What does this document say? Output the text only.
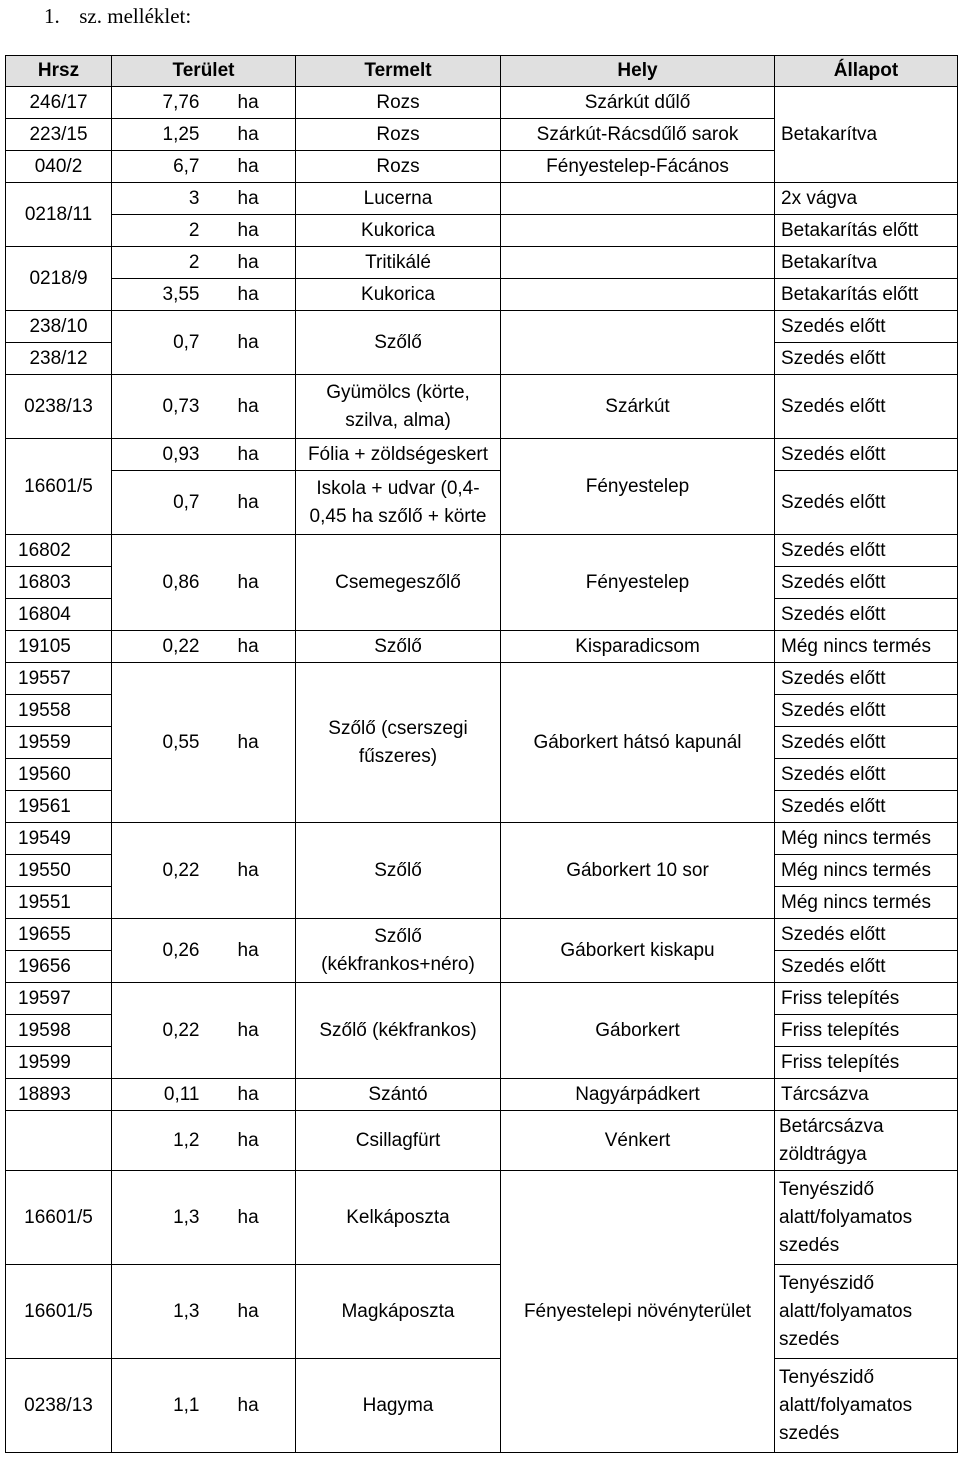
1. sz. melléklet:
Hrsz	Terület		Termelt	Hely	Állapot
246/17	7,76	ha	Rozs	Szárkút dűlő	Betakarítva
223/15	1,25	ha	Rozs	Szárkút-Rácsdűlő sarok	
040/2	6,7	ha	Rozs	Fényestelep-Fácános	
0218/11	3	ha	Lucerna		2x vágva
	2	ha	Kukorica		Betakarítás előtt
0218/9	2	ha	Tritikálé		Betakarítva
	3,55	ha	Kukorica		Betakarítás előtt
238/10	0,7	ha	Szőlő		Szedés előtt
238/12					Szedés előtt
0238/13	0,73	ha	Gyümölcs (körte, szilva, alma)	Szárkút	Szedés előtt
16601/5	0,93	ha	Fólia + zöldségeskert	Fényestelep	Szedés előtt
	0,7	ha	Iskola + udvar (0,4-0,45 ha szőlő + körte		Szedés előtt
16802	0,86	ha	Csemegeszőlő	Fényestelep	Szedés előtt
16803					Szedés előtt
16804					Szedés előtt
19105	0,22	ha	Szőlő	Kisparadicsom	Még nincs termés
19557	0,55	ha	Szőlő (cserszegi fűszeres)	Gáborkert hátsó kapunál	Szedés előtt
19558					Szedés előtt
19559					Szedés előtt
19560					Szedés előtt
19561					Szedés előtt
19549	0,22	ha	Szőlő	Gáborkert 10 sor	Még nincs termés
19550					Még nincs termés
19551					Még nincs termés
19655	0,26	ha	Szőlő (kékfrankos+néro)	Gáborkert kiskapu	Szedés előtt
19656					Szedés előtt
19597	0,22	ha	Szőlő (kékfrankos)	Gáborkert	Friss telepítés
19598					Friss telepítés
19599					Friss telepítés
18893	0,11	ha	Szántó	Nagyárpádkert	Tárcsázva
	1,2	ha	Csillagfürt	Vénkert	Betárcsázva zöldtrágya
16601/5	1,3	ha	Kelkáposzta	Fényestelepi növényterület	Tenyészidő alatt/folyamatos szedés
16601/5	1,3	ha	Magkáposzta		Tenyészidő alatt/folyamatos szedés
0238/13	1,1	ha	Hagyma		Tenyészidő alatt/folyamatos szedés
